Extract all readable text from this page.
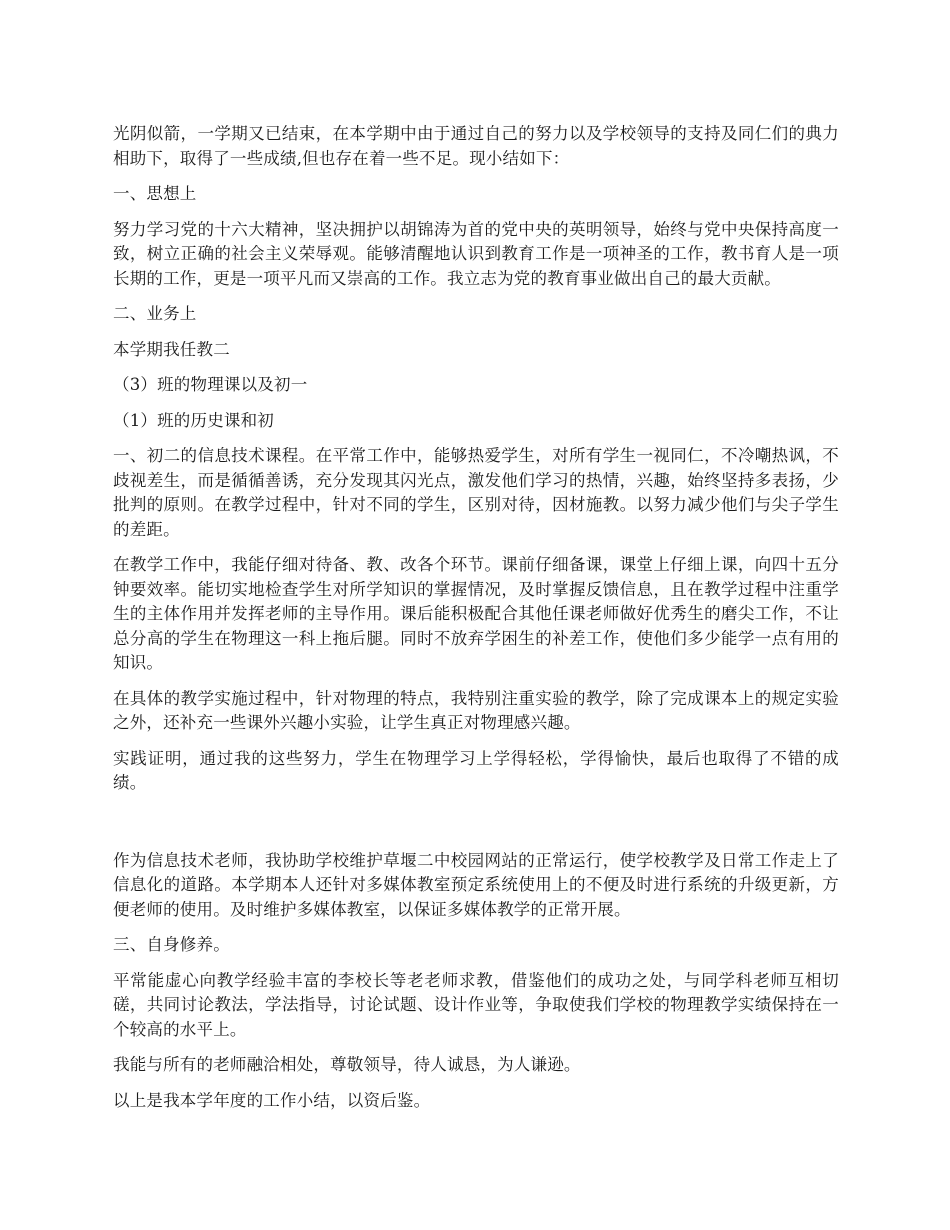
光阴似箭，一学期又已结束，在本学期中由于通过自己的努力以及学校领导的支持及同仁们的典力相助下，取得了一些成绩,但也存在着一些不足。现小结如下：

一、思想上

努力学习党的十六大精神，坚决拥护以胡锦涛为首的党中央的英明领导，始终与党中央保持高度一致，树立正确的社会主义荣辱观。能够清醒地认识到教育工作是一项神圣的工作，教书育人是一项长期的工作，更是一项平凡而又崇高的工作。我立志为党的教育事业做出自己的最大贡献。

二、业务上

本学期我任教二

（3）班的物理课以及初一

（1）班的历史课和初

一、初二的信息技术课程。在平常工作中，能够热爱学生，对所有学生一视同仁，不冷嘲热讽，不歧视差生，而是循循善诱，充分发现其闪光点，激发他们学习的热情，兴趣，始终坚持多表扬，少批判的原则。在教学过程中，针对不同的学生，区别对待，因材施教。以努力减少他们与尖子学生的差距。

在教学工作中，我能仔细对待备、教、改各个环节。课前仔细备课，课堂上仔细上课，向四十五分钟要效率。能切实地检查学生对所学知识的掌握情况，及时掌握反馈信息，且在教学过程中注重学生的主体作用并发挥老师的主导作用。课后能积极配合其他任课老师做好优秀生的磨尖工作，不让总分高的学生在物理这一科上拖后腿。同时不放弃学困生的补差工作，使他们多少能学一点有用的知识。

在具体的教学实施过程中，针对物理的特点，我特别注重实验的教学，除了完成课本上的规定实验之外，还补充一些课外兴趣小实验，让学生真正对物理感兴趣。

实践证明，通过我的这些努力，学生在物理学习上学得轻松，学得愉快，最后也取得了不错的成绩。

作为信息技术老师，我协助学校维护草堰二中校园网站的正常运行，使学校教学及日常工作走上了信息化的道路。本学期本人还针对多媒体教室预定系统使用上的不便及时进行系统的升级更新，方便老师的使用。及时维护多媒体教室，以保证多媒体教学的正常开展。

三、自身修养。

平常能虚心向教学经验丰富的李校长等老老师求教，借鉴他们的成功之处，与同学科老师互相切磋，共同讨论教法，学法指导，讨论试题、设计作业等，争取使我们学校的物理教学实绩保持在一个较高的水平上。

我能与所有的老师融洽相处，尊敬领导，待人诚恳，为人谦逊。

以上是我本学年度的工作小结，以资后鉴。
